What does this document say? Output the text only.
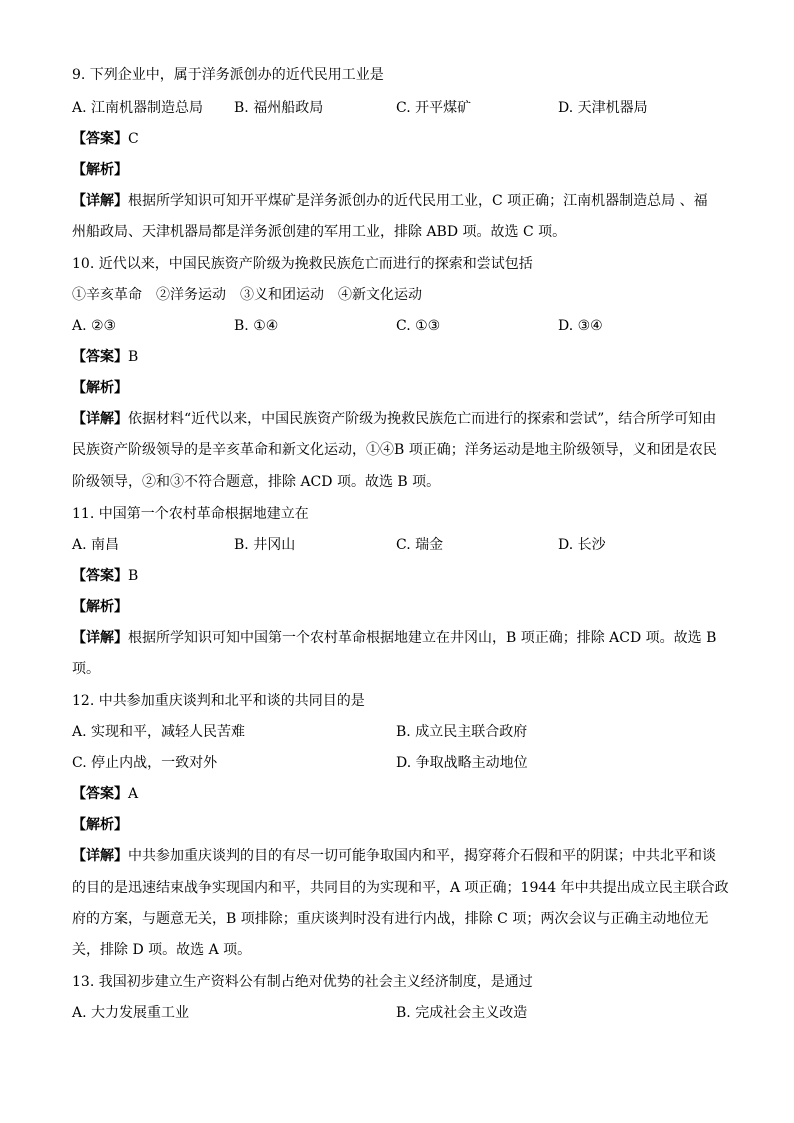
9. 下列企业中，属于洋务派创办的近代民用工业是
A. 江南机器制造总局 B. 福州船政局	C. 开平煤矿	D. 天津机器局
【答案】C
【解析】
【详解】根据所学知识可知开平煤矿是洋务派创办的近代民用工业，C 项正确；江南机器制造总局 、福
州船政局、天津机器局都是洋务派创建的军用工业，排除 ABD 项。故选 C 项。
10. 近代以来，中国民族资产阶级为挽救民族危亡而进行的探索和尝试包括
①辛亥革命　②洋务运动　③义和团运动　④新文化运动
A. ②③	B. ①④	C. ①③	D. ③④
【答案】B
【解析】
【详解】依据材料“近代以来，中国民族资产阶级为挽救民族危亡而进行的探索和尝试”，结合所学可知由
民族资产阶级领导的是辛亥革命和新文化运动，①④B 项正确；洋务运动是地主阶级领导，义和团是农民
阶级领导，②和③不符合题意，排除 ACD 项。故选 B 项。
11. 中国第一个农村革命根据地建立在
A. 南昌	B. 井冈山	C. 瑞金	D. 长沙
【答案】B
【解析】
【详解】根据所学知识可知中国第一个农村革命根据地建立在井冈山，B 项正确；排除 ACD 项。故选 B
项。
12. 中共参加重庆谈判和北平和谈的共同目的是
A. 实现和平，减轻人民苦难	B. 成立民主联合政府
C. 停止内战，一致对外	D. 争取战略主动地位
【答案】A
【解析】
【详解】中共参加重庆谈判的目的有尽一切可能争取国内和平，揭穿蒋介石假和平的阴谋；中共北平和谈
的目的是迅速结束战争实现国内和平，共同目的为实现和平，A 项正确；1944 年中共提出成立民主联合政
府的方案，与题意无关，B 项排除；重庆谈判时没有进行内战，排除 C 项；两次会议与正确主动地位无
关，排除 D 项。故选 A 项。
13. 我国初步建立生产资料公有制占绝对优势的社会主义经济制度，是通过
A. 大力发展重工业	B. 完成社会主义改造
